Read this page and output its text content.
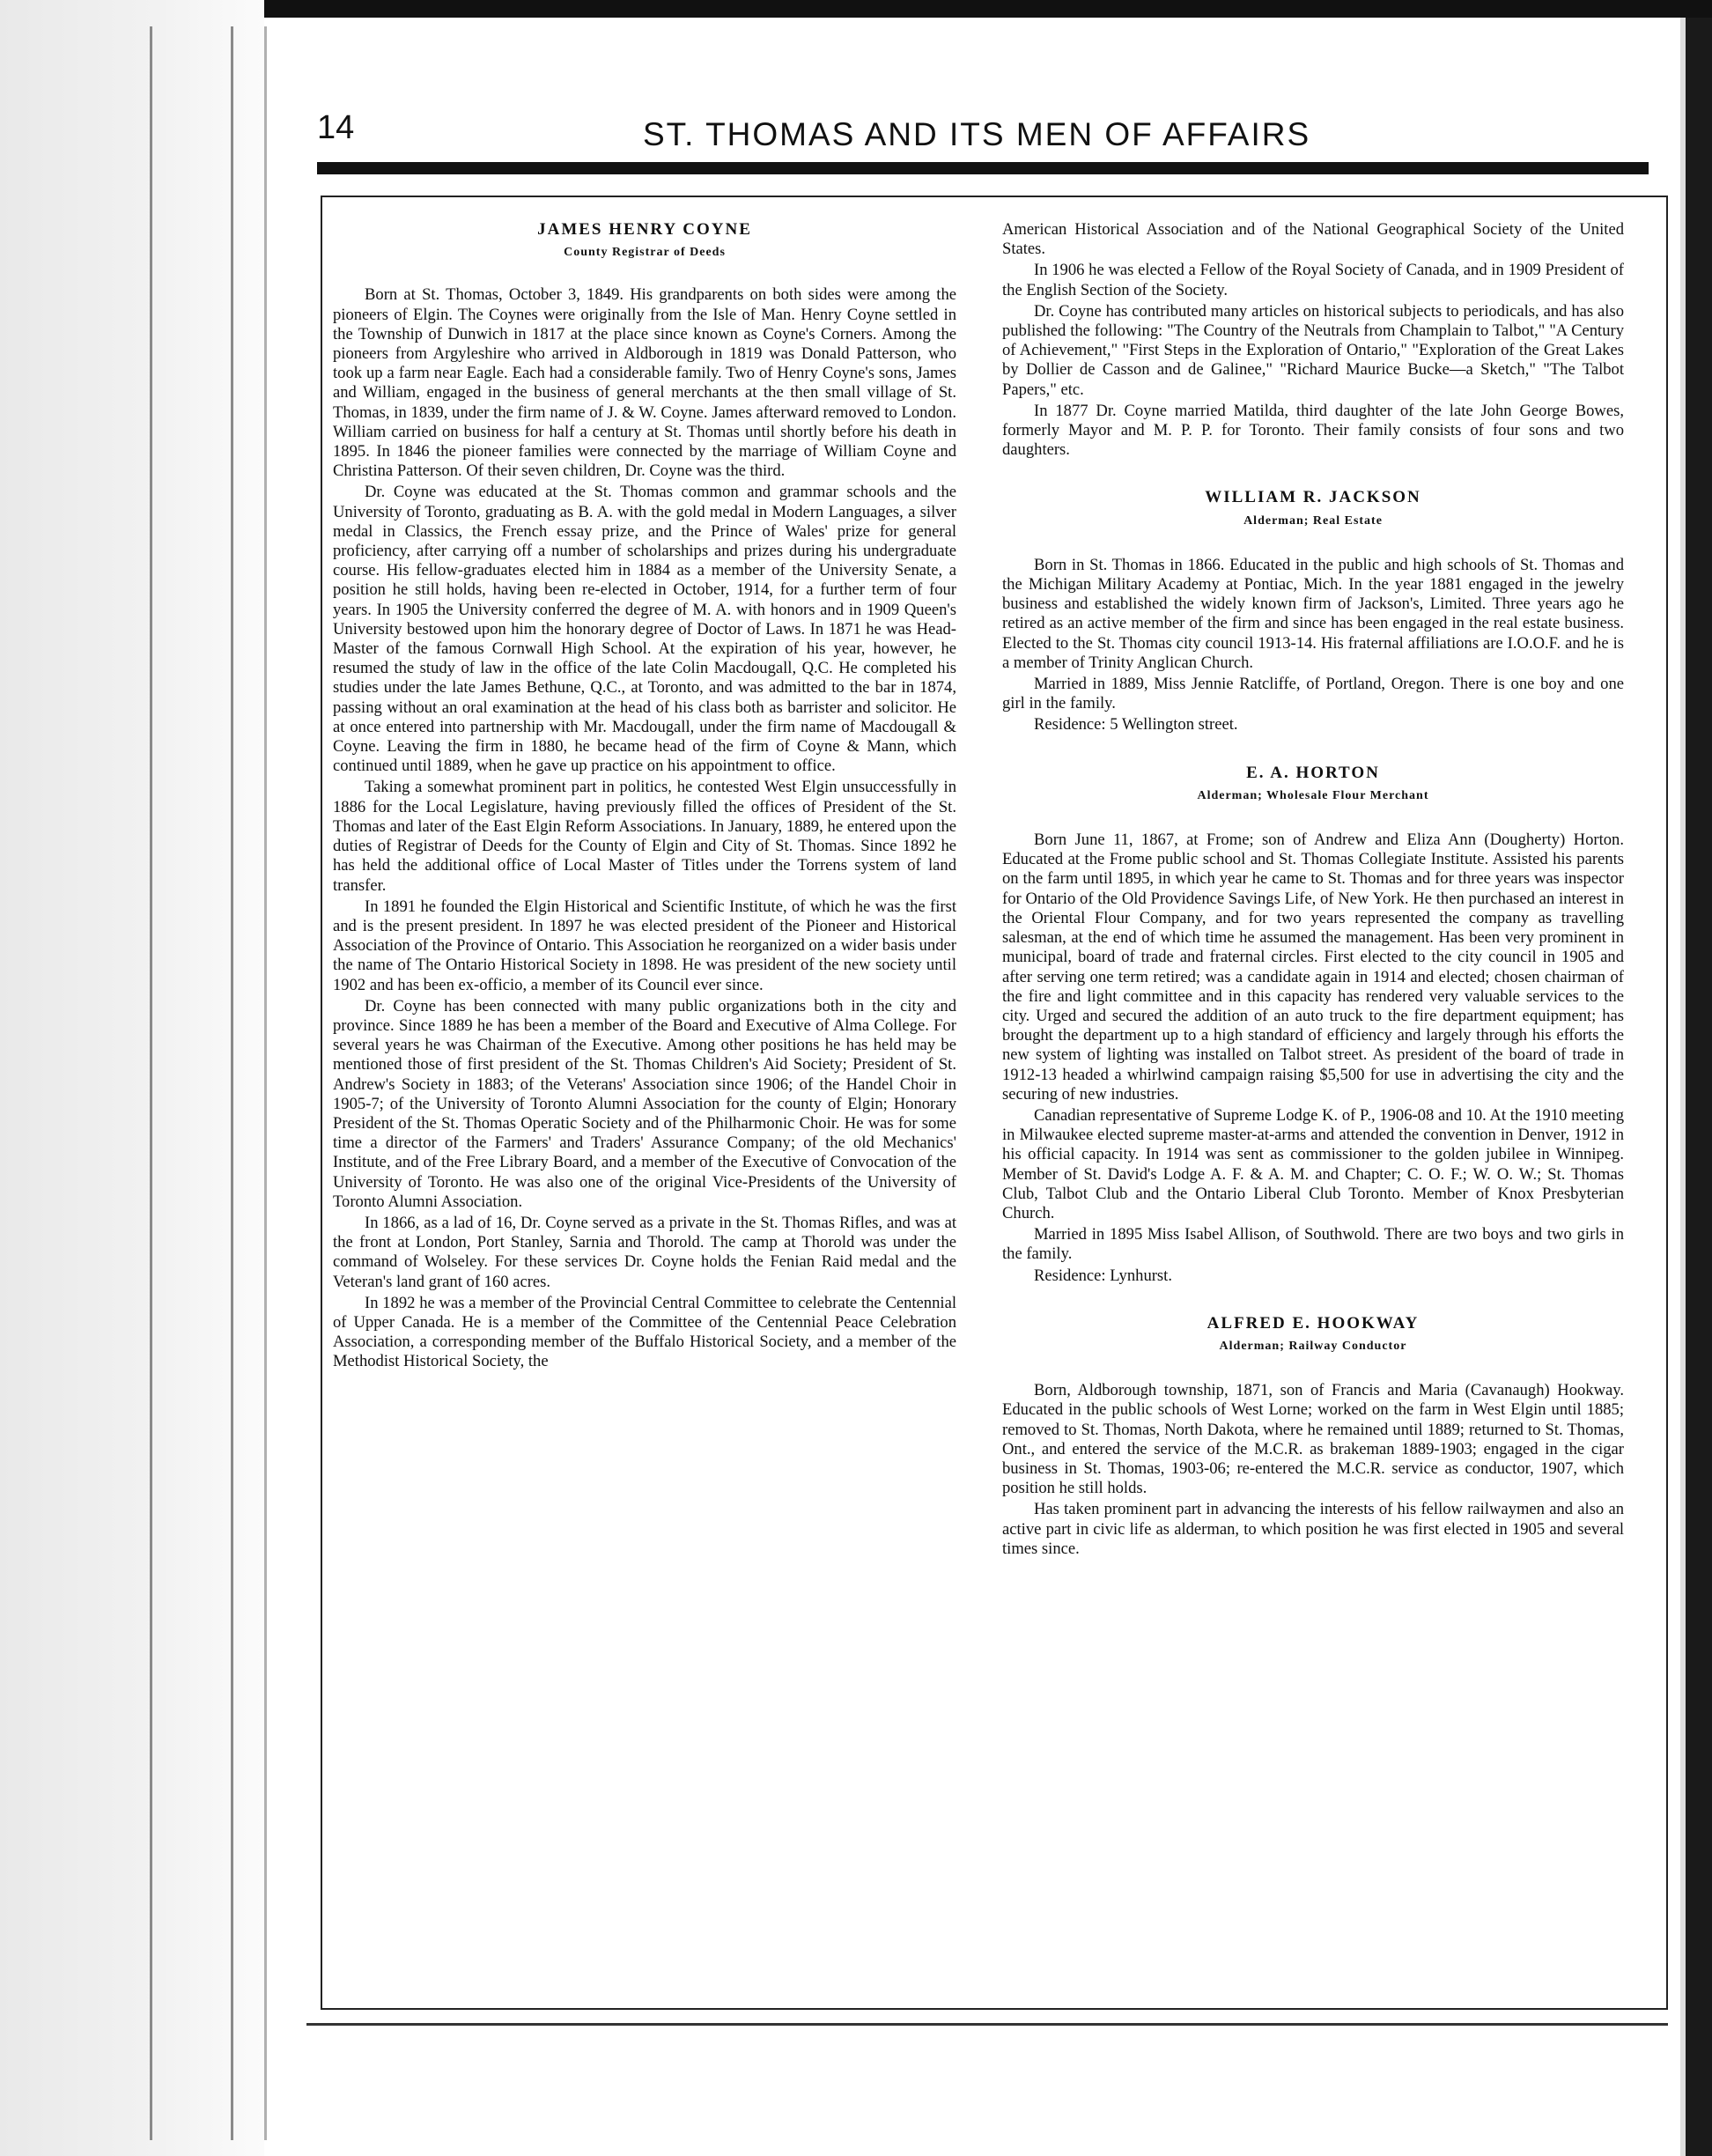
14	ST. THOMAS AND ITS MEN OF AFFAIRS
JAMES HENRY COYNE
County Registrar of Deeds

Born at St. Thomas, October 3, 1849. His grandparents on both sides were among the pioneers of Elgin. The Coynes were originally from the Isle of Man. Henry Coyne settled in the Township of Dunwich in 1817 at the place since known as Coyne's Corners. Among the pioneers from Argyleshire who arrived in Aldborough in 1819 was Donald Patterson, who took up a farm near Eagle. Each had a considerable family. Two of Henry Coyne's sons, James and William, engaged in the business of general merchants at the then small village of St. Thomas, in 1839, under the firm name of J. & W. Coyne. James afterward removed to London. William carried on business for half a century at St. Thomas until shortly before his death in 1895. In 1846 the pioneer families were connected by the marriage of William Coyne and Christina Patterson. Of their seven children, Dr. Coyne was the third.

Dr. Coyne was educated at the St. Thomas common and grammar schools and the University of Toronto, graduating as B. A. with the gold medal in Modern Languages, a silver medal in Classics, the French essay prize, and the Prince of Wales' prize for general proficiency, after carrying off a number of scholarships and prizes during his undergraduate course. His fellow-graduates elected him in 1884 as a member of the University Senate, a position he still holds, having been re-elected in October, 1914, for a further term of four years. In 1905 the University conferred the degree of M. A. with honors and in 1909 Queen's University bestowed upon him the honorary degree of Doctor of Laws. In 1871 he was Head-Master of the famous Cornwall High School. At the expiration of his year, however, he resumed the study of law in the office of the late Colin Macdougall, Q.C. He completed his studies under the late James Bethune, Q.C., at Toronto, and was admitted to the bar in 1874, passing without an oral examination at the head of his class both as barrister and solicitor. He at once entered into partnership with Mr. Macdougall, under the firm name of Macdougall & Coyne. Leaving the firm in 1880, he became head of the firm of Coyne & Mann, which continued until 1889, when he gave up practice on his appointment to office.

Taking a somewhat prominent part in politics, he contested West Elgin unsuccessfully in 1886 for the Local Legislature, having previously filled the offices of President of the St. Thomas and later of the East Elgin Reform Associations. In January, 1889, he entered upon the duties of Registrar of Deeds for the County of Elgin and City of St. Thomas. Since 1892 he has held the additional office of Local Master of Titles under the Torrens system of land transfer.

In 1891 he founded the Elgin Historical and Scientific Institute, of which he was the first and is the present president. In 1897 he was elected president of the Pioneer and Historical Association of the Province of Ontario. This Association he reorganized on a wider basis under the name of The Ontario Historical Society in 1898. He was president of the new society until 1902 and has been ex-officio, a member of its Council ever since.

Dr. Coyne has been connected with many public organizations both in the city and province. Since 1889 he has been a member of the Board and Executive of Alma College. For several years he was Chairman of the Executive. Among other positions he has held may be mentioned those of first president of the St. Thomas Children's Aid Society; President of St. Andrew's Society in 1883; of the Veterans' Association since 1906; of the Handel Choir in 1905-7; of the University of Toronto Alumni Association for the county of Elgin; Honorary President of the St. Thomas Operatic Society and of the Philharmonic Choir. He was for some time a director of the Farmers' and Traders' Assurance Company; of the old Mechanics' Institute, and of the Free Library Board, and a member of the Executive of Convocation of the University of Toronto. He was also one of the original Vice-Presidents of the University of Toronto Alumni Association.

In 1866, as a lad of 16, Dr. Coyne served as a private in the St. Thomas Rifles, and was at the front at London, Port Stanley, Sarnia and Thorold. The camp at Thorold was under the command of Wolseley. For these services Dr. Coyne holds the Fenian Raid medal and the Veteran's land grant of 160 acres.

In 1892 he was a member of the Provincial Central Committee to celebrate the Centennial of Upper Canada. He is a member of the Committee of the Centennial Peace Celebration Association, a corresponding member of the Buffalo Historical Society, and a member of the Methodist Historical Society, the

American Historical Association and of the National Geographical Society of the United States.

In 1906 he was elected a Fellow of the Royal Society of Canada, and in 1909 President of the English Section of the Society.

Dr. Coyne has contributed many articles on historical subjects to periodicals, and has also published the following: "The Country of the Neutrals from Champlain to Talbot," "A Century of Achievement," "First Steps in the Exploration of Ontario," "Exploration of the Great Lakes by Dollier de Casson and de Galinee," "Richard Maurice Bucke—a Sketch," "The Talbot Papers," etc.

In 1877 Dr. Coyne married Matilda, third daughter of the late John George Bowes, formerly Mayor and M. P. P. for Toronto. Their family consists of four sons and two daughters.

WILLIAM R. JACKSON
Alderman; Real Estate

Born in St. Thomas in 1866. Educated in the public and high schools of St. Thomas and the Michigan Military Academy at Pontiac, Mich. In the year 1881 engaged in the jewelry business and established the widely known firm of Jackson's, Limited. Three years ago he retired as an active member of the firm and since has been engaged in the real estate business. Elected to the St. Thomas city council 1913-14. His fraternal affiliations are I.O.O.F. and he is a member of Trinity Anglican Church.

Married in 1889, Miss Jennie Ratcliffe, of Portland, Oregon. There is one boy and one girl in the family.

Residence: 5 Wellington street.

E. A. HORTON
Alderman; Wholesale Flour Merchant

Born June 11, 1867, at Frome; son of Andrew and Eliza Ann (Dougherty) Horton. Educated at the Frome public school and St. Thomas Collegiate Institute. Assisted his parents on the farm until 1895, in which year he came to St. Thomas and for three years was inspector for Ontario of the Old Providence Savings Life, of New York. He then purchased an interest in the Oriental Flour Company, and for two years represented the company as travelling salesman, at the end of which time he assumed the management. Has been very prominent in municipal, board of trade and fraternal circles. First elected to the city council in 1905 and after serving one term retired; was a candidate again in 1914 and elected; chosen chairman of the fire and light committee and in this capacity has rendered very valuable services to the city. Urged and secured the addition of an auto truck to the fire department equipment; has brought the department up to a high standard of efficiency and largely through his efforts the new system of lighting was installed on Talbot street. As president of the board of trade in 1912-13 headed a whirlwind campaign raising $5,500 for use in advertising the city and the securing of new industries.

Canadian representative of Supreme Lodge K. of P., 1906-08 and 10. At the 1910 meeting in Milwaukee elected supreme master-at-arms and attended the convention in Denver, 1912 in his official capacity. In 1914 was sent as commissioner to the golden jubilee in Winnipeg. Member of St. David's Lodge A. F. & A. M. and Chapter; C. O. F.; W. O. W.; St. Thomas Club, Talbot Club and the Ontario Liberal Club Toronto. Member of Knox Presbyterian Church.

Married in 1895 Miss Isabel Allison, of Southwold. There are two boys and two girls in the family.

Residence: Lynhurst.

ALFRED E. HOOKWAY
Alderman; Railway Conductor

Born, Aldborough township, 1871, son of Francis and Maria (Cavanaugh) Hookway. Educated in the public schools of West Lorne; worked on the farm in West Elgin until 1885; removed to St. Thomas, North Dakota, where he remained until 1889; returned to St. Thomas, Ont., and entered the service of the M.C.R. as brakeman 1889-1903; engaged in the cigar business in St. Thomas, 1903-06; re-entered the M.C.R. service as conductor, 1907, which position he still holds.

Has taken prominent part in advancing the interests of his fellow railwaymen and also an active part in civic life as alderman, to which position he was first elected in 1905 and several times since.
